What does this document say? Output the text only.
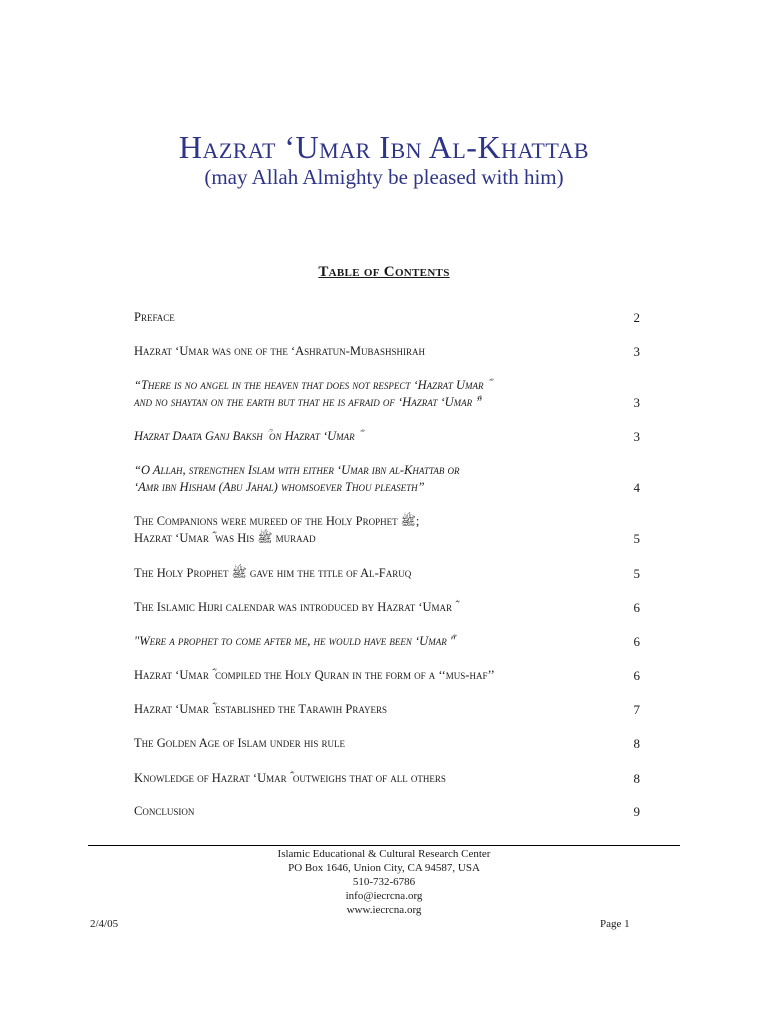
Hazrat ‘Umar Ibn Al-Khattab
(may Allah Almighty be pleased with him)
Table of Contents
Preface	2
Hazrat ‘Umar was one of the ‘Ashratun-Mubashshirah	3
“There is no angel in the heaven that does not respect ‘Hazrat Umar ؓ
and no shaytan on the earth but that he is afraid of ‘Hazrat ‘Umar ؓ”	3
Hazrat Daata Ganj Baksh ؒ on Hazrat ‘Umar ؓ	3
“O Allah, strengthen Islam with either ‘Umar ibn al-Khattab or
‘Amr ibn Hisham (Abu Jahal) whomsoever Thou pleaseth”	4
The Companions were mureed of the Holy Prophet ﷺ;
Hazrat ‘Umar ؓ was His ﷺ muraad	5
The Holy Prophet ﷺ gave him the title of Al-Faruq	5
The Islamic Hijri calendar was introduced by Hazrat ‘Umar ؓ	6
"Were a prophet to come after me, he would have been ‘Umar ؓ"	6
Hazrat ‘Umar ؓ compiled the Holy Quran in the form of a ‘‘mus-haf’’	6
Hazrat ‘Umar ؓ established the Tarawih Prayers	7
The Golden Age of Islam under his rule	8
Knowledge of Hazrat ‘Umar ؓ outweighs that of all others	8
Conclusion	9
Islamic Educational & Cultural Research Center
PO Box 1646, Union City, CA 94587, USA
510-732-6786
info@iecrcna.org
www.iecrcna.org
2/4/05	Page 1
